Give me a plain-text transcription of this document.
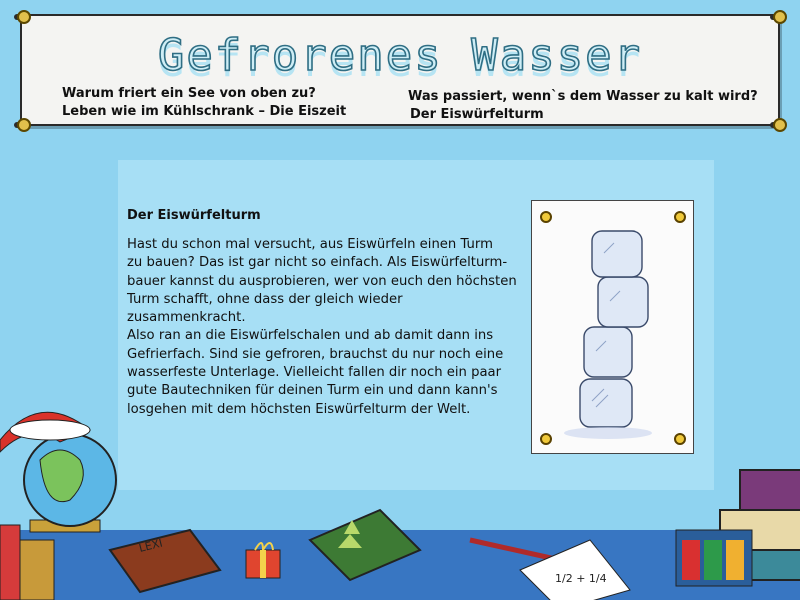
Gefrorenes Wasser
Warum friert ein See von oben zu?
Leben wie im Kühlschrank – Die Eiszeit
Was passiert, wenn`s dem Wasser zu kalt wird?
Der Eiswürfelturm
Der Eiswürfelturm
Hast du schon mal versucht, aus Eiswürfeln einen Turm
zu bauen? Das ist gar nicht so einfach. Als Eiswürfelturm-
bauer kannst du ausprobieren, wer von euch den höchsten
Turm schafft, ohne dass der gleich wieder zusammenkracht.
Also ran an die Eiswürfelschalen und ab damit dann ins
Gefrierfach. Sind sie gefroren, brauchst du nur noch eine
wasserfeste Unterlage. Vielleicht fallen dir noch ein paar
gute Bautechniken für deinen Turm ein und dann kann's
losgehen mit dem höchsten Eiswürfelturm der Welt.
LEXI
1/2 + 1/4
